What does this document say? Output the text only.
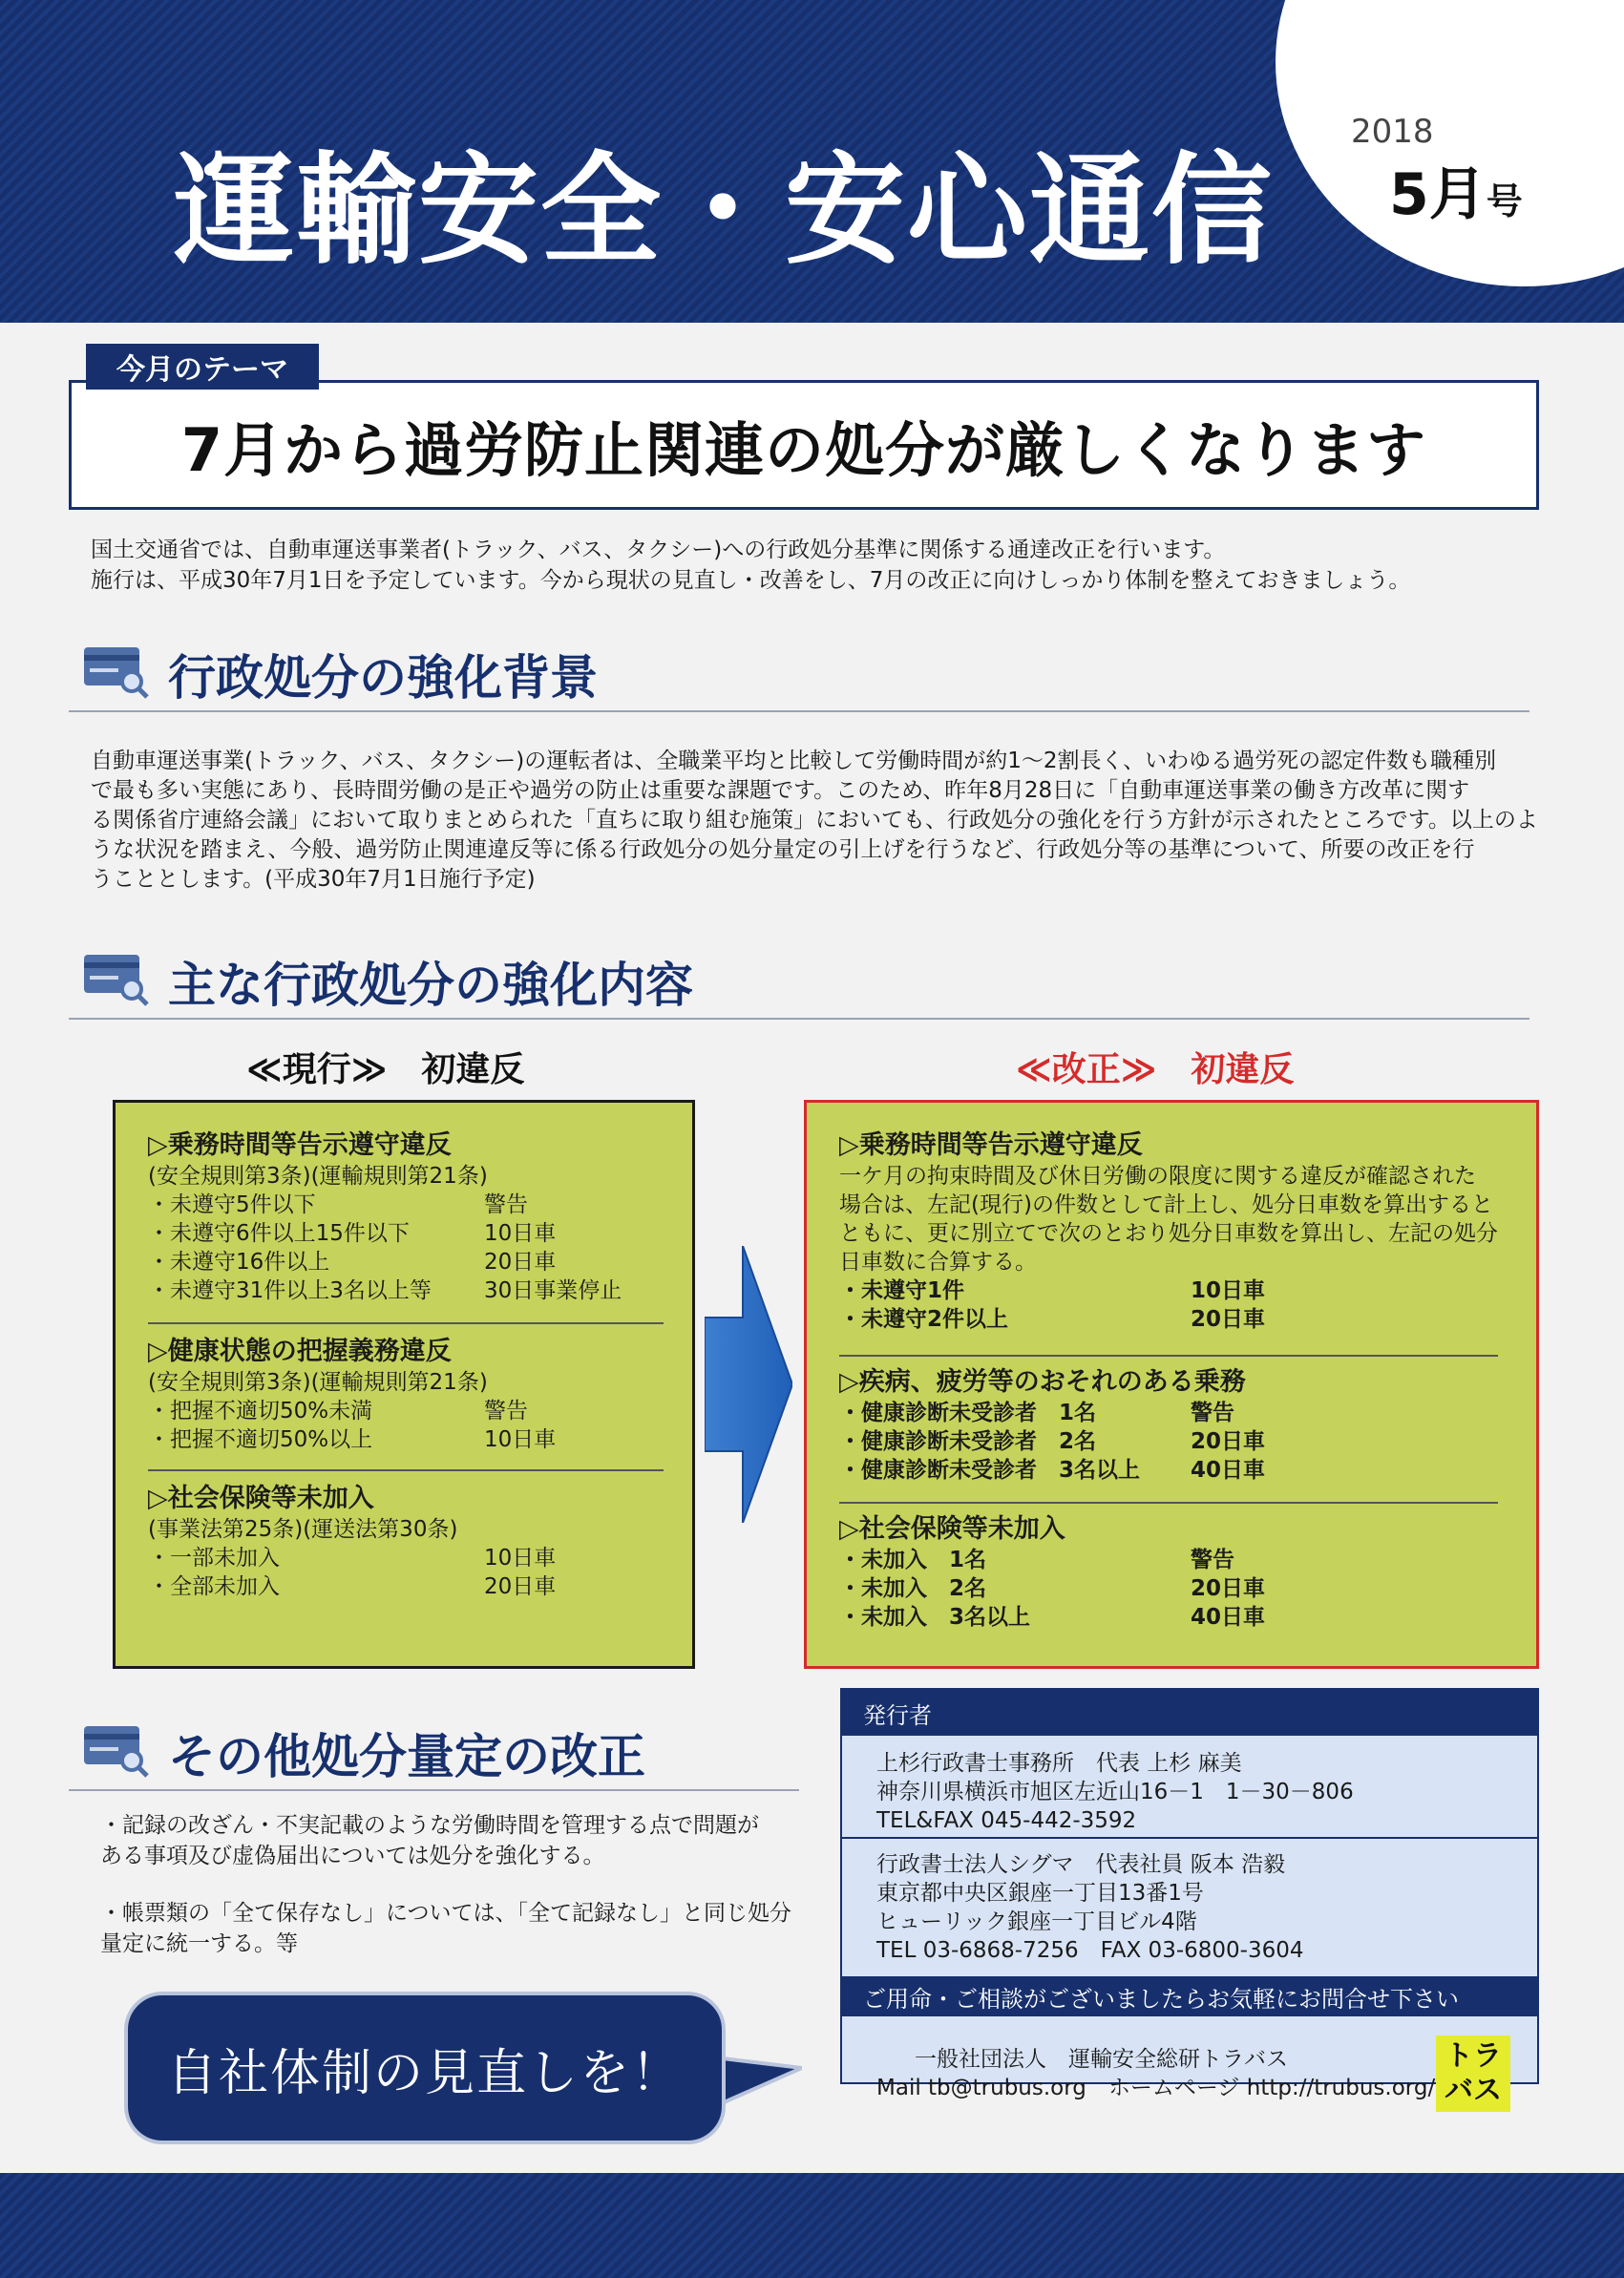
運輸安全・安心通信
2018
5月号
7月から過労防止関連の処分が厳しくなります
今月のテーマ
国土交通省では、自動車運送事業者(トラック、バス、タクシー)への行政処分基準に関係する通達改正を行います。
施行は、平成30年7月1日を予定しています。今から現状の見直し・改善をし、7月の改正に向けしっかり体制を整えておきましょう。
行政処分の強化背景
自動車運送事業(トラック、バス、タクシー)の運転者は、全職業平均と比較して労働時間が約1～2割長く、いわゆる過労死の認定件数も職種別
で最も多い実態にあり、長時間労働の是正や過労の防止は重要な課題です。このため、昨年8月28日に「自動車運送事業の働き方改革に関す
る関係省庁連絡会議」において取りまとめられた「直ちに取り組む施策」においても、行政処分の強化を行う方針が示されたところです。以上のよ
うな状況を踏まえ、今般、過労防止関連違反等に係る行政処分の処分量定の引上げを行うなど、行政処分等の基準について、所要の改正を行
うこととします。(平成30年7月1日施行予定)
主な行政処分の強化内容
≪現行≫　初違反	≪改正≫　初違反
▷乗務時間等告示遵守違反
(安全規則第3条)(運輸規則第21条)
・未遵守5件以下	警告
・未遵守6件以上15件以下	10日車
・未遵守16件以上	20日車
・未遵守31件以上3名以上等 30日事業停止
▷健康状態の把握義務違反
(安全規則第3条)(運輸規則第21条)
・把握不適切50%未満	警告
・把握不適切50%以上	10日車
▷社会保険等未加入
(事業法第25条)(運送法第30条)
・一部未加入	10日車
・全部未加入	20日車
▷乗務時間等告示遵守違反
一ケ月の拘束時間及び休日労働の限度に関する違反が確認された
場合は、左記(現行)の件数として計上し、処分日車数を算出すると
ともに、更に別立てで次のとおり処分日車数を算出し、左記の処分
日車数に合算する。
・未遵守1件	10日車
・未遵守2件以上	20日車
▷疾病、疲労等のおそれのある乗務
・健康診断未受診者　1名	警告
・健康診断未受診者　2名	20日車
・健康診断未受診者　3名以上 40日車
▷社会保険等未加入
・未加入　1名	警告
・未加入　2名	20日車
・未加入　3名以上	40日車
その他処分量定の改正
・記録の改ざん・不実記載のような労働時間を管理する点で問題が
ある事項及び虚偽届出については処分を強化する。
・帳票類の「全て保存なし」については、「全て記録なし」と同じ処分
量定に統一する。等
自社体制の見直しを！
発行者
上杉行政書士事務所　代表 上杉 麻美
神奈川県横浜市旭区左近山16－1　1－30－806
TEL&FAX 045-442-3592
行政書士法人シグマ　代表社員 阪本 浩毅
東京都中央区銀座一丁目13番1号
ヒューリック銀座一丁目ビル4階
TEL 03-6868-7256　FAX 03-6800-3604
ご用命・ご相談がございましたらお気軽にお問合せ下さい
一般社団法人　運輸安全総研トラバス
Mail tb@trubus.org　ホームページ http://trubus.org/
トラ
バス
